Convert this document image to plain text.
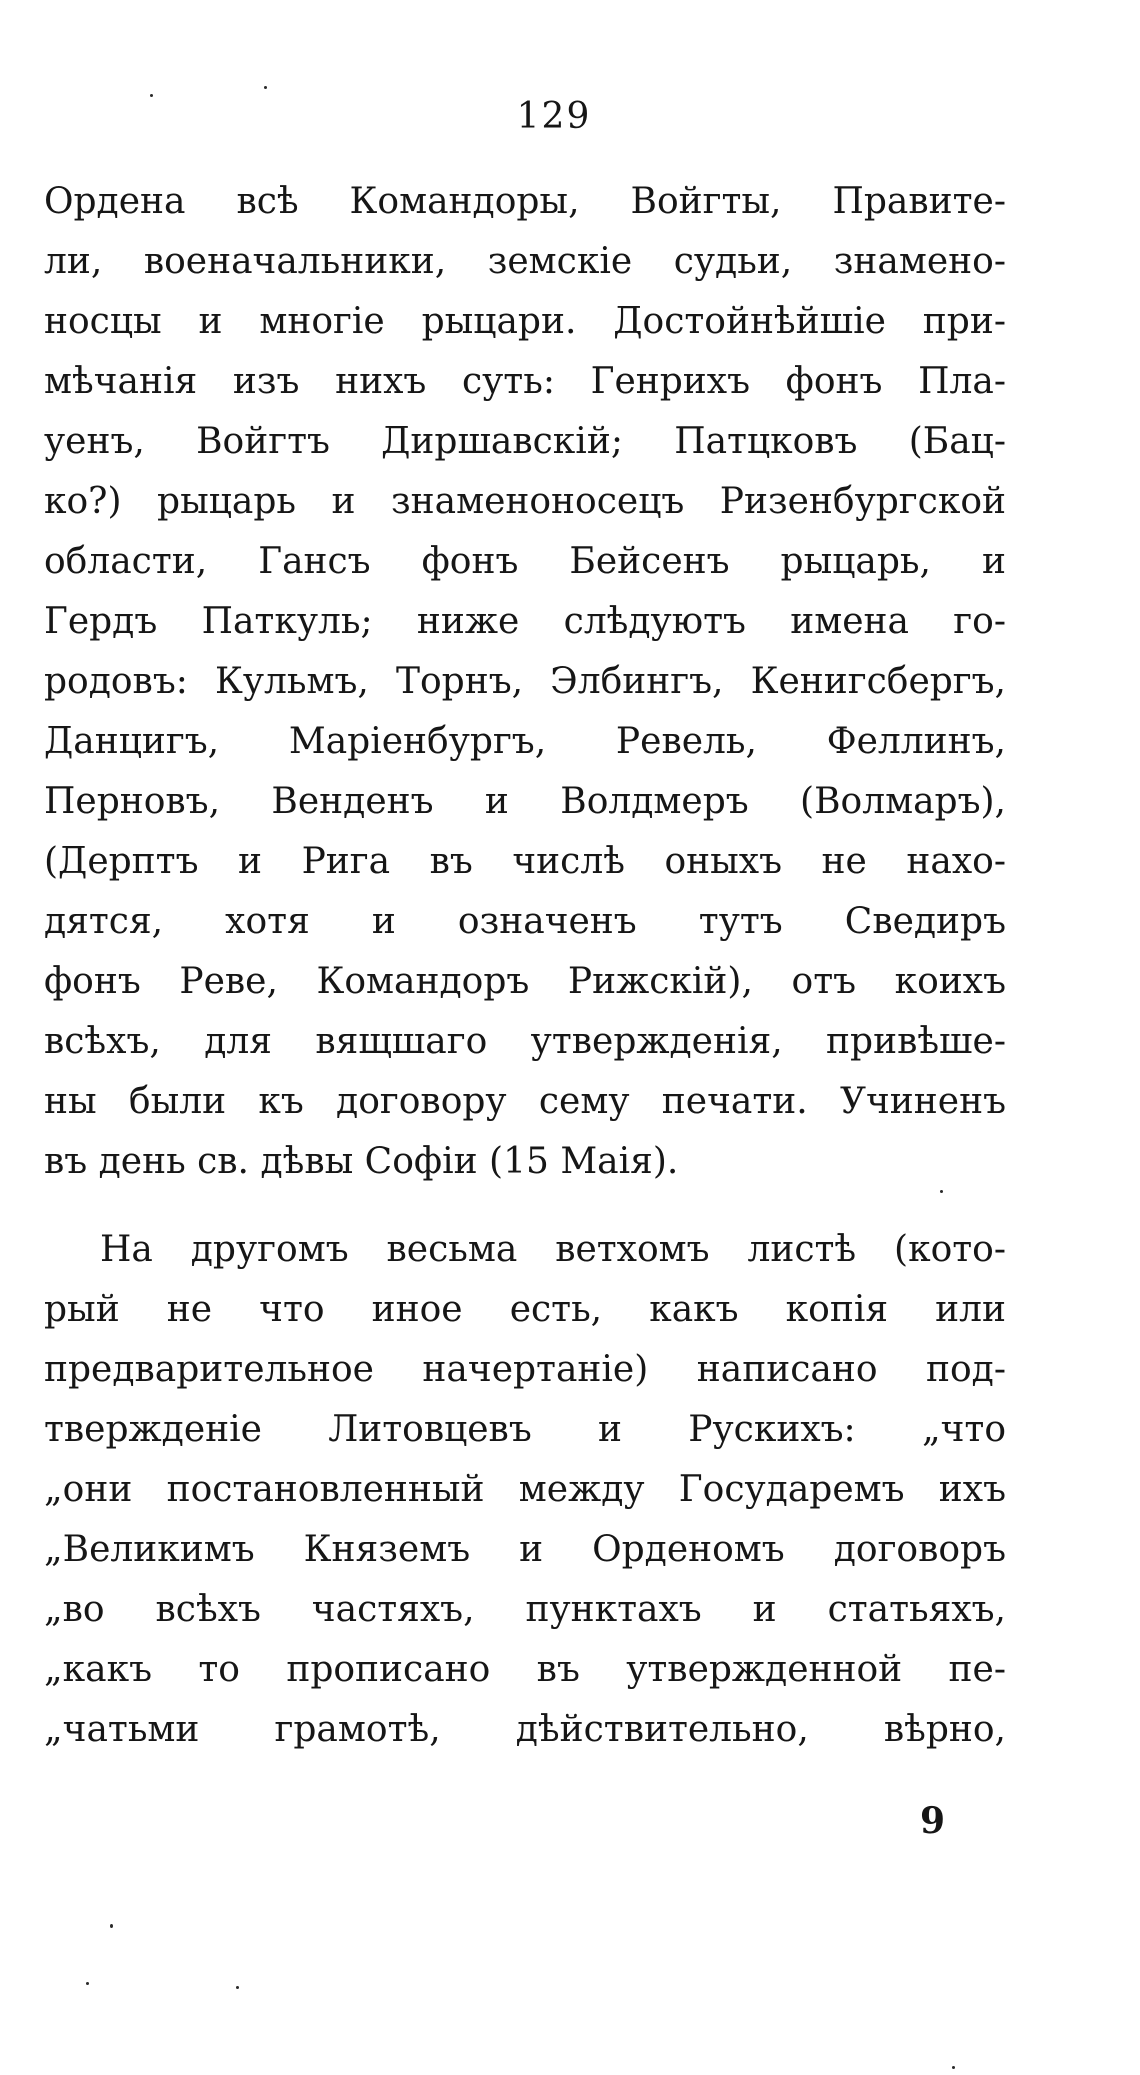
129
Ордена всѣ Командоры, Войгты, Правите-
ли, военачальники, земскіе судьи, знамено-
носцы и многіе рыцари. Достойнѣйшіе при-
мѣчанія изъ нихъ суть: Генрихъ фонъ Пла-
уенъ, Войгтъ Диршавскій; Патцковъ (Бац-
ко?) рыцарь и знаменоносецъ Ризенбургской
области, Гансъ фонъ Бейсенъ рыцарь, и
Гердъ Паткуль; ниже слѣдуютъ имена го-
родовъ: Кульмъ, Торнъ, Элбингъ, Кенигсбергъ,
Данцигъ, Маріенбургъ, Ревель, Феллинъ,
Перновъ, Венденъ и Волдмеръ (Волмаръ),
(Дерптъ и Рига въ числѣ оныхъ не нахо-
дятся, хотя и означенъ тутъ Сведиръ
фонъ Реве, Командоръ Рижскій), отъ коихъ
всѣхъ, для вящшаго утвержденія, привѣше-
ны были къ договору сему печати. Учиненъ
въ день св. дѣвы Софіи (15 Маія).
На другомъ весьма ветхомъ листѣ (кото-
рый не что иное есть, какъ копія или
предварительное начертаніе) написано под-
твержденіе Литовцевъ и Рускихъ: „что
„они постановленный между Государемъ ихъ
„Великимъ Княземъ и Орденомъ договоръ
„во всѣхъ частяхъ, пунктахъ и статьяхъ,
„какъ то прописано въ утвержденной пе-
„чатьми грамотѣ, дѣйствительно, вѣрно,
9
